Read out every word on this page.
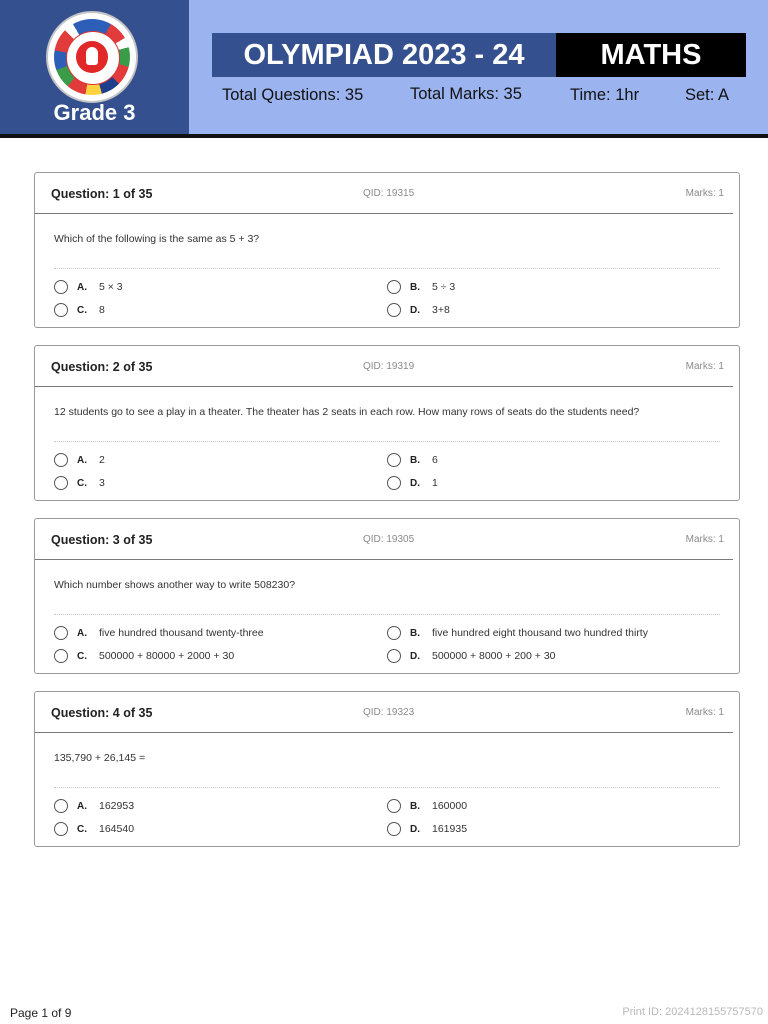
Grade 3
OLYMPIAD 2023 - 24	MATHS
Total Questions: 35	Total Marks: 35	Time: 1hr	Set: A
Question: 1 of 35	QID: 19315	Marks: 1
Which of the following is the same as 5 + 3?
A.	5 × 3	B.	5 ÷ 3
C.	8	D.	3+8
Question: 2 of 35	QID: 19319	Marks: 1
12 students go to see a play in a theater. The theater has 2 seats in each row. How many rows of seats do the students need?
A.	2	B.	6
C.	3	D.	1
Question: 3 of 35	QID: 19305	Marks: 1
Which number shows another way to write 508230?
A.	five hundred thousand twenty-three	B.	five hundred eight thousand two hundred thirty
C.	500000 + 80000 + 2000 + 30	D.	500000 + 8000 + 200 + 30
Question: 4 of 35	QID: 19323	Marks: 1
135,790 + 26,145 =
A.	162953	B.	160000
C.	164540	D.	161935
Page 1 of 9	Print ID: 2024128155757570
